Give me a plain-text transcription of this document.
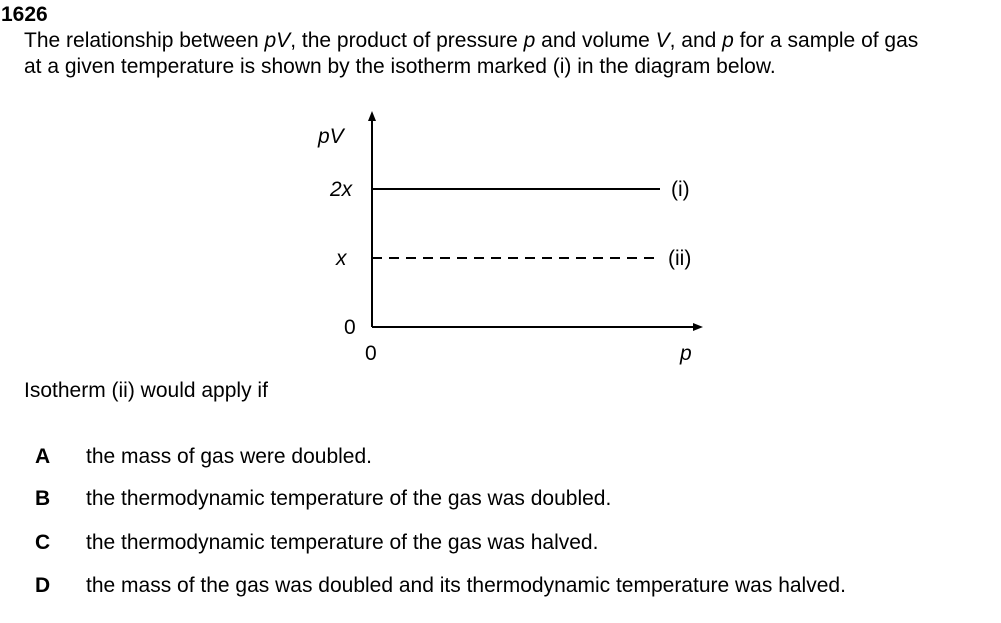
1626
The relationship between pV, the product of pressure p and volume V, and p for a sample of gas
at a given temperature is shown by the isotherm marked (i) in the diagram below.
pV
2x
x
0
0	p
(i)
(ii)
Isotherm (ii) would apply if
A the mass of gas were doubled.
B the thermodynamic temperature of the gas was doubled.
C the thermodynamic temperature of the gas was halved.
D the mass of the gas was doubled and its thermodynamic temperature was halved.
